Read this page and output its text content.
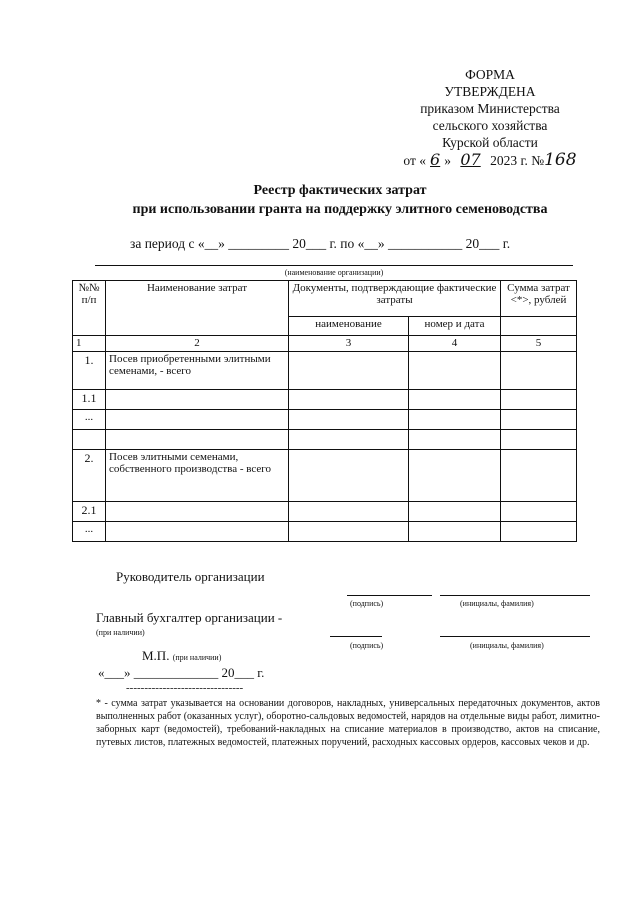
ФОРМА
УТВЕРЖДЕНА
приказом Министерства
сельского хозяйства
Курской области
от « 6 » 07 2023 г. №168
Реестр фактических затрат
при использовании гранта на поддержку элитного семеноводства
за период с «__» _________ 20___ г. по «__» ___________ 20___ г.
(наименование организации)
№№ п/п	Наименование затрат	Документы, подтверждающие фактические затраты		Сумма затрат <*>, рублей
		наименование	номер и дата	
1	2	3	4	5
1.	Посев приобретенными элитными семенами, - всего			
1.1				
...				

2.	Посев элитными семенами, собственного производства - всего			
2.1				
...				
Руководитель организации
(подпись)	(инициалы, фамилия)
Главный бухгалтер организации -
(при наличии)
(подпись)	(инициалы, фамилия)
М.П. (при наличии)
«___» _____________ 20___ г.
--------------------------------
* - сумма затрат указывается на основании договоров, накладных, универсальных передаточных документов, актов выполненных работ (оказанных услуг), оборотно-сальдовых ведомостей, нарядов на отдельные виды работ, лимитно-заборных карт (ведомостей), требований-накладных на списание материалов в производство, актов на списание, путевых листов, платежных ведомостей, платежных поручений, расходных кассовых ордеров, кассовых чеков и др.
